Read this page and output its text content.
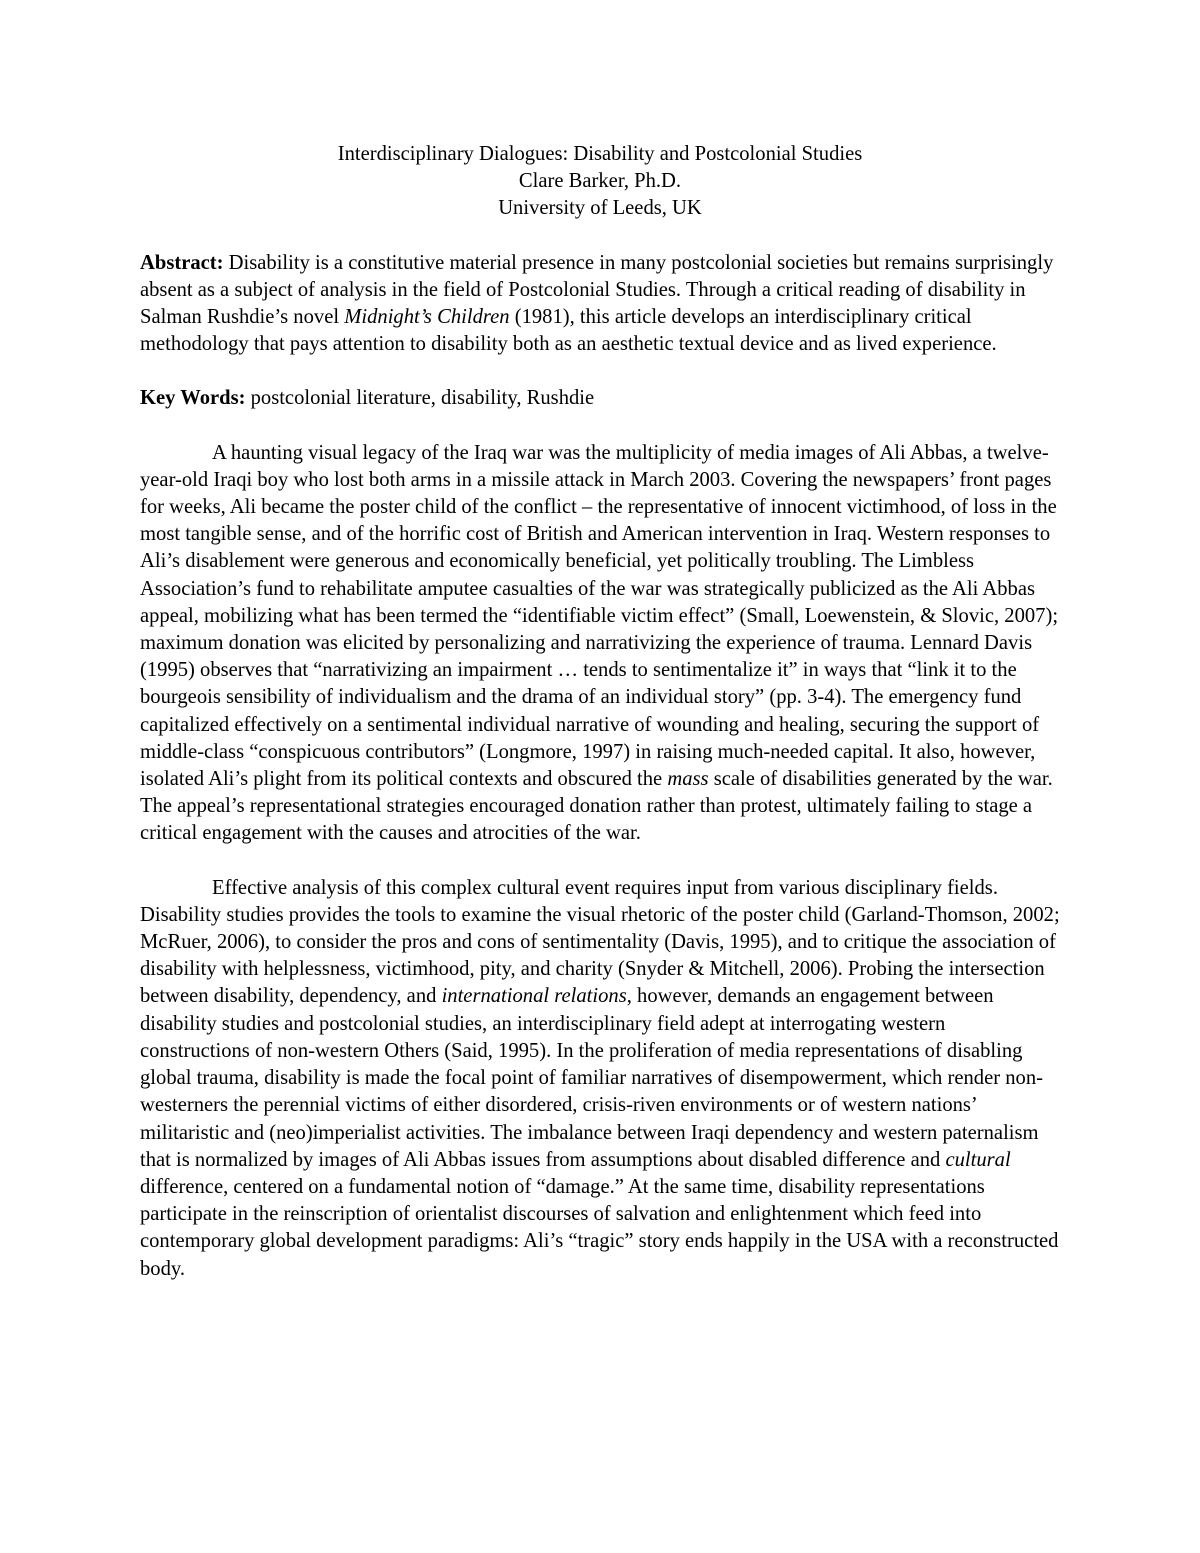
Interdisciplinary Dialogues: Disability and Postcolonial Studies
Clare Barker, Ph.D.
University of Leeds, UK

Abstract: Disability is a constitutive material presence in many postcolonial societies but remains surprisingly absent as a subject of analysis in the field of Postcolonial Studies. Through a critical reading of disability in Salman Rushdie’s novel Midnight’s Children (1981), this article develops an interdisciplinary critical methodology that pays attention to disability both as an aesthetic textual device and as lived experience.

Key Words: postcolonial literature, disability, Rushdie

A haunting visual legacy of the Iraq war was the multiplicity of media images of Ali Abbas, a twelve-year-old Iraqi boy who lost both arms in a missile attack in March 2003. Covering the newspapers’ front pages for weeks, Ali became the poster child of the conflict – the representative of innocent victimhood, of loss in the most tangible sense, and of the horrific cost of British and American intervention in Iraq. Western responses to Ali’s disablement were generous and economically beneficial, yet politically troubling. The Limbless Association’s fund to rehabilitate amputee casualties of the war was strategically publicized as the Ali Abbas appeal, mobilizing what has been termed the “identifiable victim effect” (Small, Loewenstein, & Slovic, 2007); maximum donation was elicited by personalizing and narrativizing the experience of trauma. Lennard Davis (1995) observes that “narrativizing an impairment … tends to sentimentalize it” in ways that “link it to the bourgeois sensibility of individualism and the drama of an individual story” (pp. 3-4). The emergency fund capitalized effectively on a sentimental individual narrative of wounding and healing, securing the support of middle-class “conspicuous contributors” (Longmore, 1997) in raising much-needed capital. It also, however, isolated Ali’s plight from its political contexts and obscured the mass scale of disabilities generated by the war. The appeal’s representational strategies encouraged donation rather than protest, ultimately failing to stage a critical engagement with the causes and atrocities of the war.

Effective analysis of this complex cultural event requires input from various disciplinary fields. Disability studies provides the tools to examine the visual rhetoric of the poster child (Garland-Thomson, 2002; McRuer, 2006), to consider the pros and cons of sentimentality (Davis, 1995), and to critique the association of disability with helplessness, victimhood, pity, and charity (Snyder & Mitchell, 2006). Probing the intersection between disability, dependency, and international relations, however, demands an engagement between disability studies and postcolonial studies, an interdisciplinary field adept at interrogating western constructions of non-western Others (Said, 1995). In the proliferation of media representations of disabling global trauma, disability is made the focal point of familiar narratives of disempowerment, which render non-westerners the perennial victims of either disordered, crisis-riven environments or of western nations’ militaristic and (neo)imperialist activities. The imbalance between Iraqi dependency and western paternalism that is normalized by images of Ali Abbas issues from assumptions about disabled difference and cultural difference, centered on a fundamental notion of “damage.” At the same time, disability representations participate in the reinscription of orientalist discourses of salvation and enlightenment which feed into contemporary global development paradigms: Ali’s “tragic” story ends happily in the USA with a reconstructed body.
